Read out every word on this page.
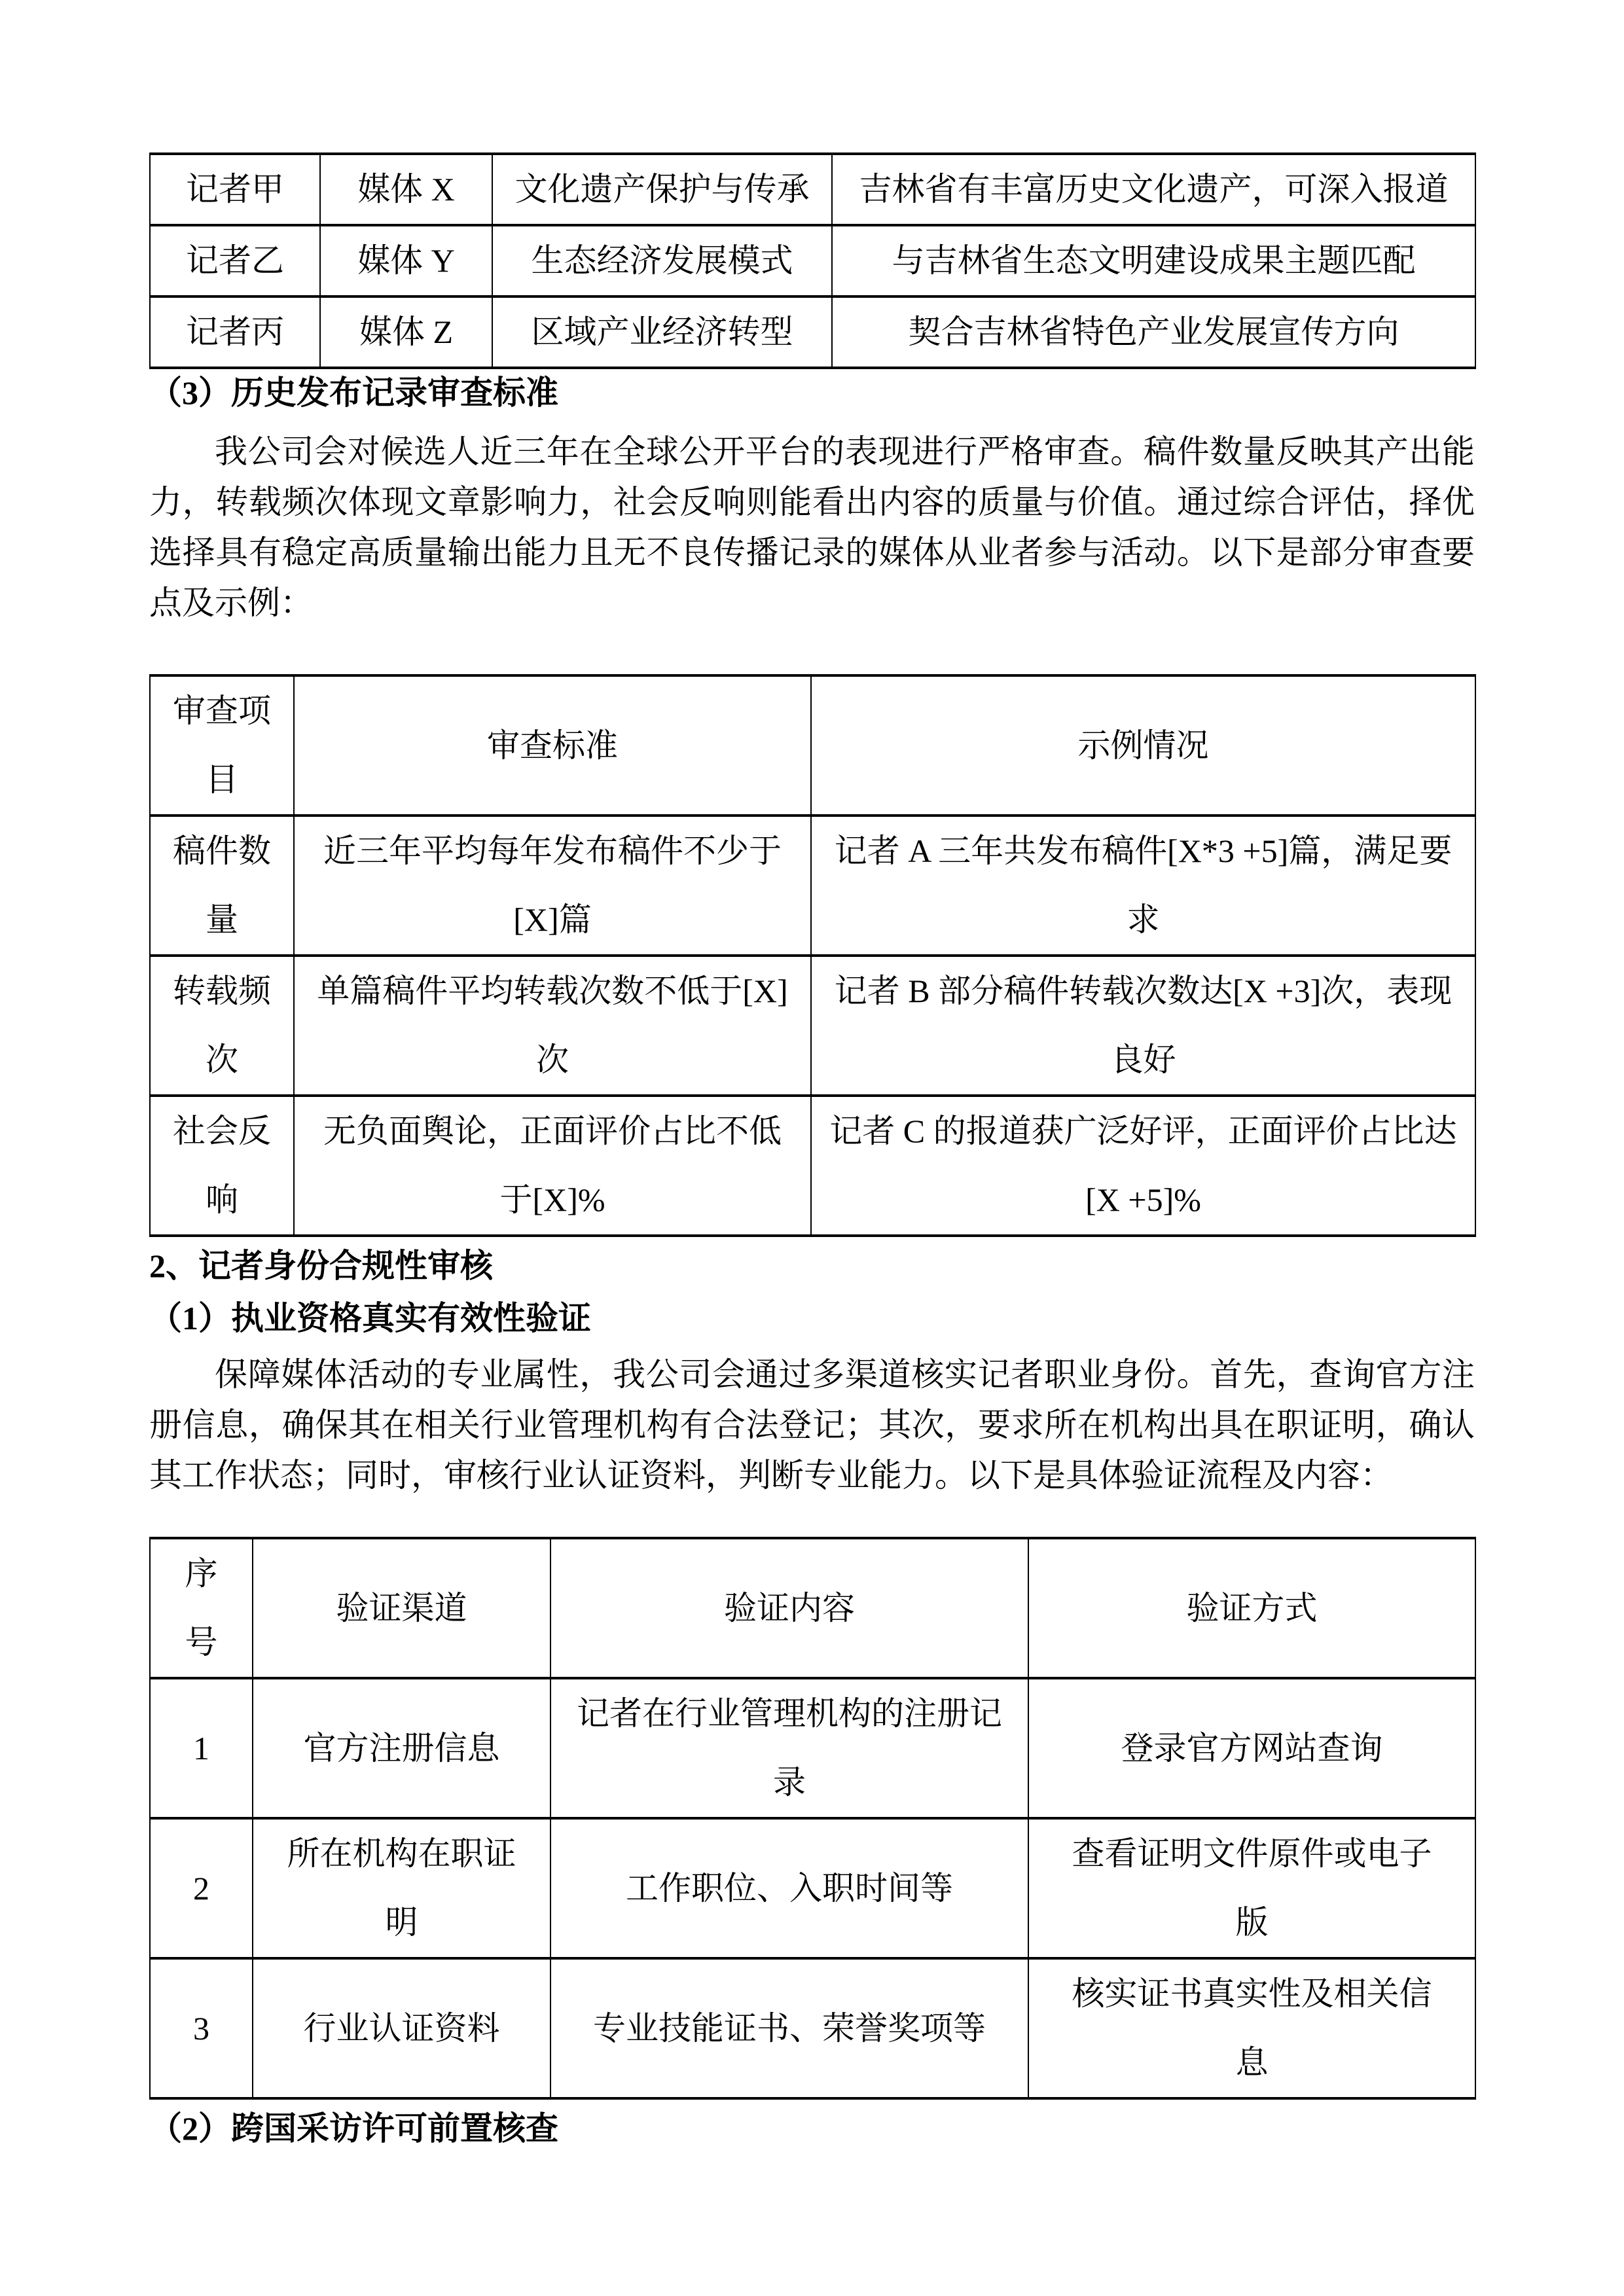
记者甲	媒体 X	文化遗产保护与传承	吉林省有丰富历史文化遗产，可深入报道
记者乙	媒体 Y	生态经济发展模式	与吉林省生态文明建设成果主题匹配
记者丙	媒体 Z	区域产业经济转型	契合吉林省特色产业发展宣传方向
（3）历史发布记录审查标准

我公司会对候选人近三年在全球公开平台的表现进行严格审查。稿件数量反映其产出能力，转载频次体现文章影响力，社会反响则能看出内容的质量与价值。通过综合评估，择优选择具有稳定高质量输出能力且无不良传播记录的媒体从业者参与活动。以下是部分审查要点及示例：

审查项目	审查标准	示例情况
稿件数量	近三年平均每年发布稿件不少于[X]篇	记者 A 三年共发布稿件[X*3 +5]篇，满足要求
转载频次	单篇稿件平均转载次数不低于[X]次	记者 B 部分稿件转载次数达[X +3]次，表现良好
社会反响	无负面舆论，正面评价占比不低于[X]%	记者 C 的报道获广泛好评，正面评价占比达[X +5]%
2、记者身份合规性审核
（1）执业资格真实有效性验证

保障媒体活动的专业属性，我公司会通过多渠道核实记者职业身份。首先，查询官方注册信息，确保其在相关行业管理机构有合法登记；其次，要求所在机构出具在职证明，确认其工作状态；同时，审核行业认证资料，判断专业能力。以下是具体验证流程及内容：

序号	验证渠道	验证内容	验证方式
1	官方注册信息	记者在行业管理机构的注册记录	登录官方网站查询
2	所在机构在职证明	工作职位、入职时间等	查看证明文件原件或电子版
3	行业认证资料	专业技能证书、荣誉奖项等	核实证书真实性及相关信息
（2）跨国采访许可前置核查
